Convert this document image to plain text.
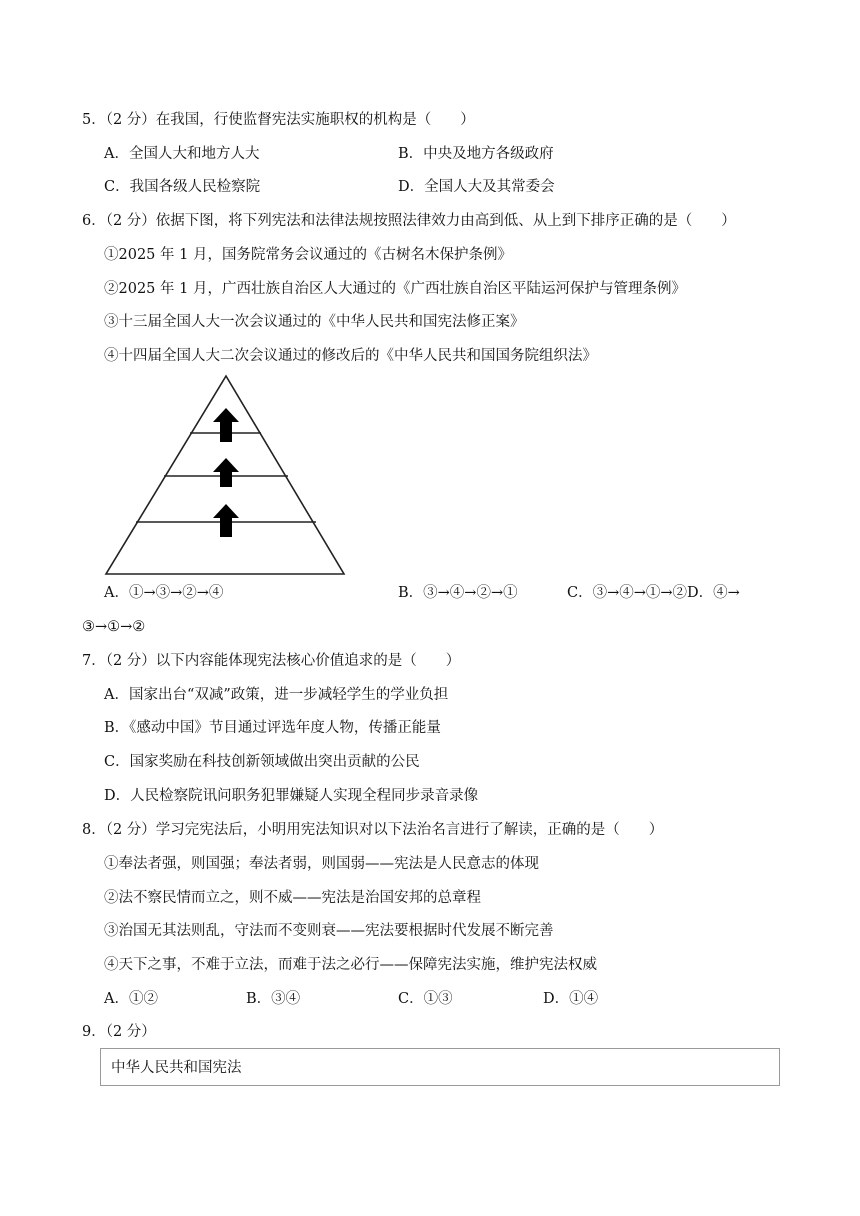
5．（2 分）在我国，行使监督宪法实施职权的机构是（　　）
A．全国人大和地方人大	B．中央及地方各级政府
C．我国各级人民检察院	D．全国人大及其常委会
6．（2 分）依据下图，将下列宪法和法律法规按照法律效力由高到低、从上到下排序正确的是（　　）
①2025 年 1 月，国务院常务会议通过的《古树名木保护条例》
②2025 年 1 月，广西壮族自治区人大通过的《广西壮族自治区平陆运河保护与管理条例》
③十三届全国人大一次会议通过的《中华人民共和国宪法修正案》
④十四届全国人大二次会议通过的修改后的《中华人民共和国国务院组织法》
A．①→③→②→④	B．③→④→②→①	C．③→④→①→②D．④→
③→①→②
7．（2 分）以下内容能体现宪法核心价值追求的是（　　）
A．国家出台“双减”政策，进一步减轻学生的学业负担
B．《感动中国》节目通过评选年度人物，传播正能量
C．国家奖励在科技创新领域做出突出贡献的公民
D．人民检察院讯问职务犯罪嫌疑人实现全程同步录音录像
8．（2 分）学习完宪法后，小明用宪法知识对以下法治名言进行了解读，正确的是（　　）
①奉法者强，则国强；奉法者弱，则国弱——宪法是人民意志的体现
②法不察民情而立之，则不威——宪法是治国安邦的总章程
③治国无其法则乱，守法而不变则衰——宪法要根据时代发展不断完善
④天下之事，不难于立法，而难于法之必行——保障宪法实施，维护宪法权威
A．①②	B．③④	C．①③	D．①④
9．（2 分）
中华人民共和国宪法
